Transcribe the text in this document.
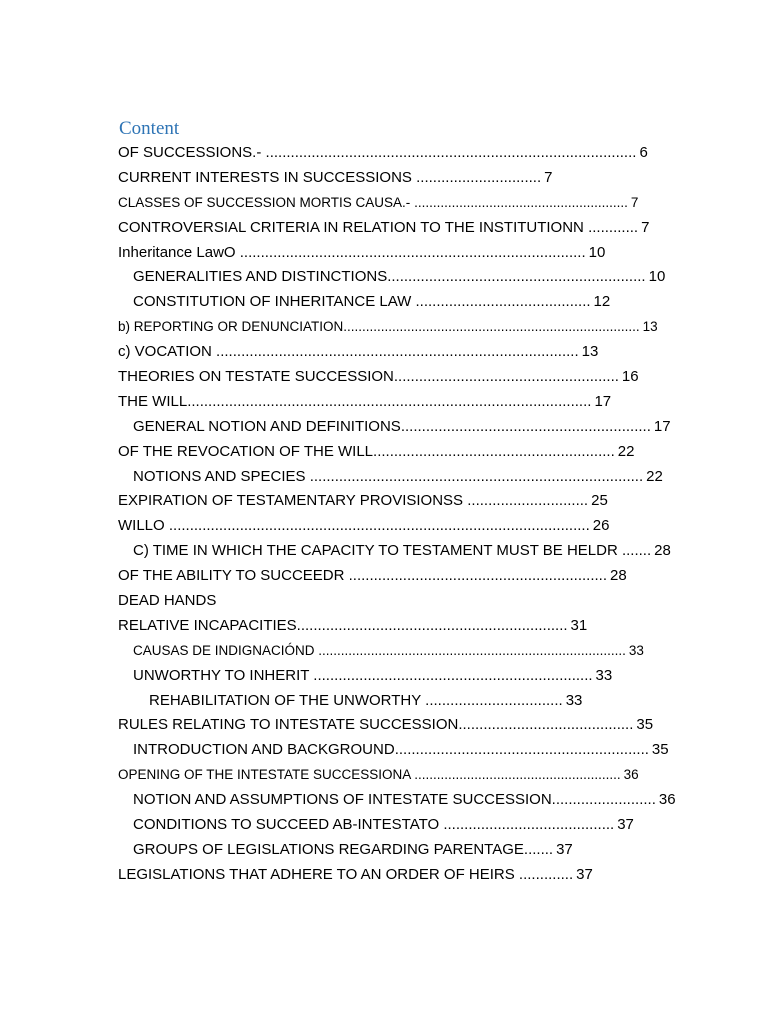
Content
OF SUCCESSIONS.- ......................................................................................... 6
CURRENT INTERESTS IN SUCCESSIONS .............................. 7
CLASSES OF SUCCESSION MORTIS CAUSA.- ......................................................... 7
CONTROVERSIAL CRITERIA IN RELATION TO THE INSTITUTIONN ............ 7
Inheritance LawO ................................................................................... 10
GENERALITIES AND DISTINCTIONS.............................................................. 10
CONSTITUTION OF INHERITANCE LAW .......................................... 12
b) REPORTING OR DENUNCIATION............................................................................... 13
c) VOCATION ....................................................................................... 13
THEORIES ON TESTATE SUCCESSION...................................................... 16
THE WILL................................................................................................. 17
GENERAL NOTION AND DEFINITIONS............................................................ 17
OF THE REVOCATION OF THE WILL.......................................................... 22
NOTIONS AND SPECIES ................................................................................ 22
EXPIRATION OF TESTAMENTARY PROVISIONSS ............................. 25
WILLO ..................................................................................................... 26
C) TIME IN WHICH THE CAPACITY TO TESTAMENT MUST BE HELDR ....... 28
OF THE ABILITY TO SUCCEEDR .............................................................. 28
DEAD HANDS
RELATIVE INCAPACITIES................................................................. 31
CAUSAS DE INDIGNACIÓND .................................................................................. 33
UNWORTHY TO INHERIT ................................................................... 33
REHABILITATION OF THE UNWORTHY ................................. 33
RULES RELATING TO INTESTATE SUCCESSION.......................................... 35
INTRODUCTION AND BACKGROUND............................................................. 35
OPENING OF THE INTESTATE SUCCESSIONA ....................................................... 36
NOTION AND ASSUMPTIONS OF INTESTATE SUCCESSION......................... 36
CONDITIONS TO SUCCEED AB-INTESTATO ......................................... 37
GROUPS OF LEGISLATIONS REGARDING PARENTAGE....... 37
LEGISLATIONS THAT ADHERE TO AN ORDER OF HEIRS ............. 37
